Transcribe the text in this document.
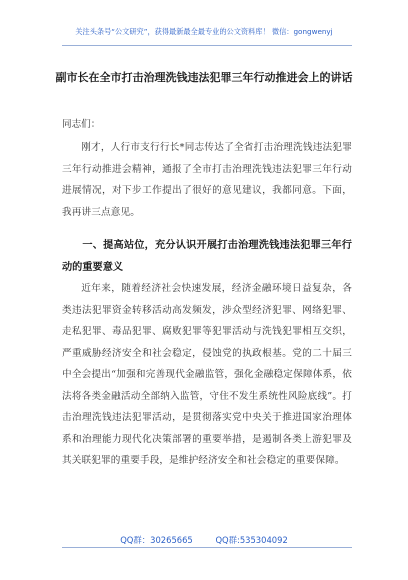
关注头条号“公文研究”，获得最新最全最专业的公文资料库！ 微信：gongwenyj
副市长在全市打击治理洗钱违法犯罪三年行动推进会上的讲话
同志们：

刚才，人行市支行行长*同志传达了全省打击治理洗钱违法犯罪三年行动推进会精神，通报了全市打击治理洗钱违法犯罪三年行动进展情况，对下步工作提出了很好的意见建议，我都同意。下面，我再讲三点意见。

一、提高站位，充分认识开展打击治理洗钱违法犯罪三年行动的重要意义

近年来，随着经济社会快速发展，经济金融环境日益复杂，各类违法犯罪资金转移活动高发频发，涉众型经济犯罪、网络犯罪、走私犯罪、毒品犯罪、腐败犯罪等犯罪活动与洗钱犯罪相互交织，严重威胁经济安全和社会稳定，侵蚀党的执政根基。党的二十届三中全会提出“加强和完善现代金融监管，强化金融稳定保障体系，依法将各类金融活动全部纳入监管，守住不发生系统性风险底线”。打击治理洗钱违法犯罪活动，是贯彻落实党中央关于推进国家治理体系和治理能力现代化决策部署的重要举措，是遏制各类上游犯罪及其关联犯罪的重要手段，是维护经济安全和社会稳定的重要保障。

QQ群：30265665	QQ群:535304092
